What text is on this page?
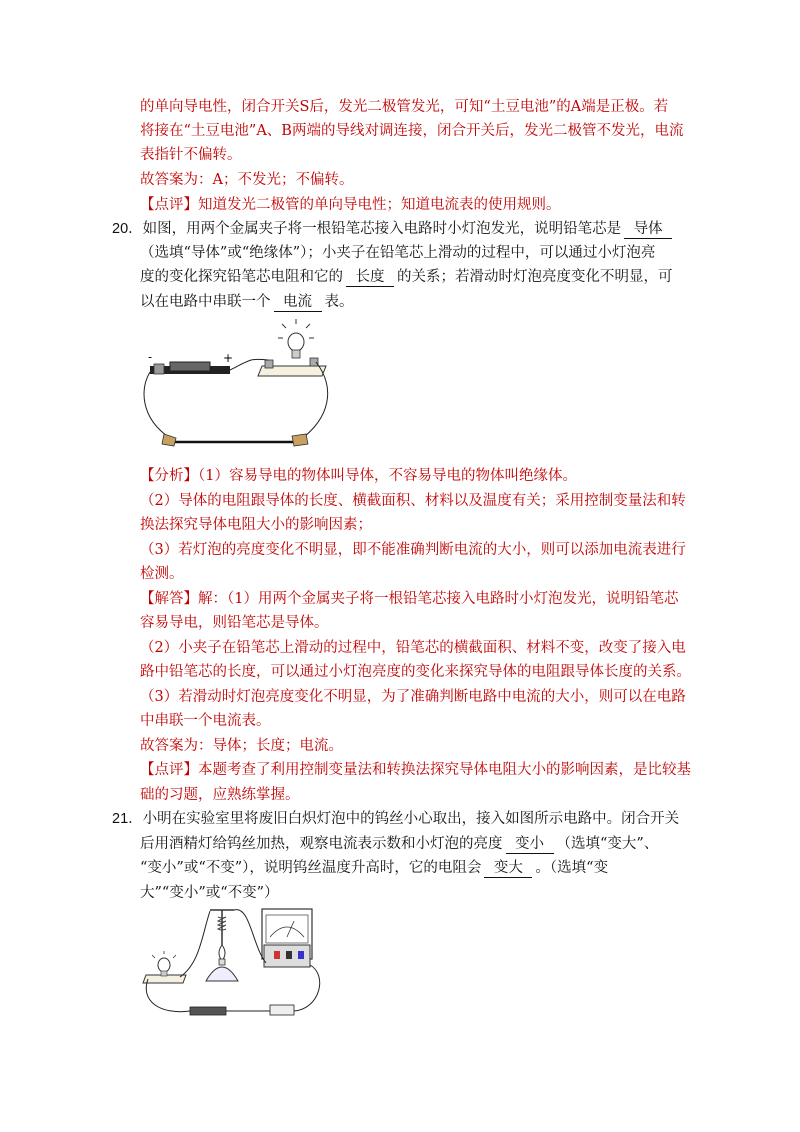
的单向导电性，闭合开关S后，发光二极管发光，可知“土豆电池”的A端是正极。若
将接在“土豆电池”A、B两端的导线对调连接，闭合开关后，发光二极管不发光，电流
表指针不偏转。
故答案为：A；不发光；不偏转。
【点评】知道发光二极管的单向导电性；知道电流表的使用规则。
20．如图，用两个金属夹子将一根铅笔芯接入电路时小灯泡发光，说明铅笔芯是 导体
（选填“导体”或“绝缘体”）；小夹子在铅笔芯上滑动的过程中，可以通过小灯泡亮
度的变化探究铅笔芯电阻和它的 长度 的关系；若滑动时灯泡亮度变化不明显，可
以在电路中串联一个 电流 表。
-	+
【分析】（1）容易导电的物体叫导体，不容易导电的物体叫绝缘体。
（2）导体的电阻跟导体的长度、横截面积、材料以及温度有关；采用控制变量法和转
换法探究导体电阻大小的影响因素；
（3）若灯泡的亮度变化不明显，即不能准确判断电流的大小，则可以添加电流表进行
检测。
【解答】解：（1）用两个金属夹子将一根铅笔芯接入电路时小灯泡发光，说明铅笔芯
容易导电，则铅笔芯是导体。
（2）小夹子在铅笔芯上滑动的过程中，铅笔芯的横截面积、材料不变，改变了接入电
路中铅笔芯的长度，可以通过小灯泡亮度的变化来探究导体的电阻跟导体长度的关系。
（3）若滑动时灯泡亮度变化不明显，为了准确判断电路中电流的大小，则可以在电路
中串联一个电流表。
故答案为：导体；长度；电流。
【点评】本题考查了利用控制变量法和转换法探究导体电阻大小的影响因素，是比较基
础的习题，应熟练掌握。
21．小明在实验室里将废旧白炽灯泡中的钨丝小心取出，接入如图所示电路中。闭合开关
后用酒精灯给钨丝加热，观察电流表示数和小灯泡的亮度 变小 （选填“变大”、
“变小”或“不变”），说明钨丝温度升高时，它的电阻会 变大 。（选填“变
大”“变小”或“不变”）
